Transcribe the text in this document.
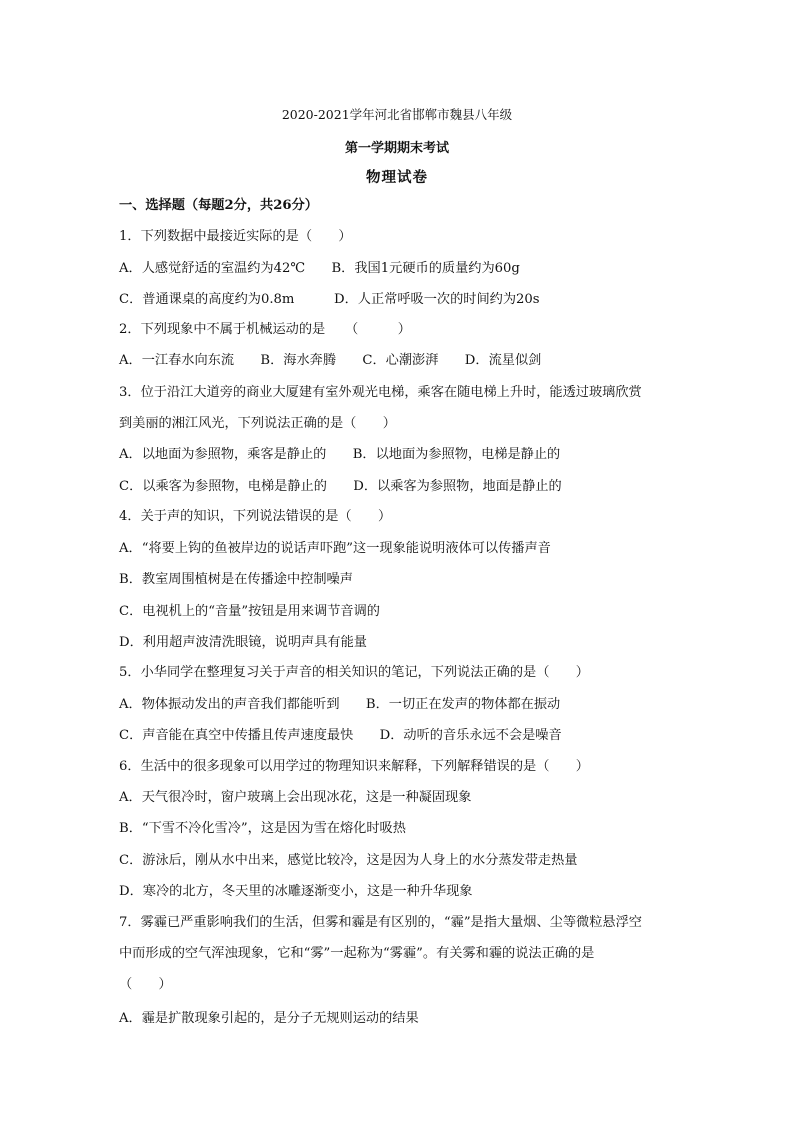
2020-2021学年河北省邯郸市魏县八年级
第一学期期末考试
物理试卷
一、选择题（每题2分，共26分）
1．下列数据中最接近实际的是（　　）
A．人感觉舒适的室温约为42℃　　B．我国1元硬币的质量约为60g
C．普通课桌的高度约为0.8m　　　D．人正常呼吸一次的时间约为20s
2．下列现象中不属于机械运动的是　　（　　　）
A．一江春水向东流　　B．海水奔腾　　C．心潮澎湃　　D．流星似剑
3．位于沿江大道旁的商业大厦建有室外观光电梯，乘客在随电梯上升时，能透过玻璃欣赏
到美丽的湘江风光，下列说法正确的是（　　）
A．以地面为参照物，乘客是静止的　　B．以地面为参照物，电梯是静止的
C．以乘客为参照物，电梯是静止的　　D．以乘客为参照物，地面是静止的
4．关于声的知识，下列说法错误的是（　　）
A．“将要上钩的鱼被岸边的说话声吓跑”这一现象能说明液体可以传播声音
B．教室周围植树是在传播途中控制噪声
C．电视机上的“音量”按钮是用来调节音调的
D．利用超声波清洗眼镜，说明声具有能量
5．小华同学在整理复习关于声音的相关知识的笔记，下列说法正确的是（　　）
A．物体振动发出的声音我们都能听到　　B．一切正在发声的物体都在振动
C．声音能在真空中传播且传声速度最快　　D．动听的音乐永远不会是噪音
6．生活中的很多现象可以用学过的物理知识来解释，下列解释错误的是（　　）
A．天气很冷时，窗户玻璃上会出现冰花，这是一种凝固现象
B．“下雪不冷化雪冷”，这是因为雪在熔化时吸热
C．游泳后，刚从水中出来，感觉比较冷，这是因为人身上的水分蒸发带走热量
D．寒冷的北方，冬天里的冰雕逐渐变小，这是一种升华现象
7．雾霾已严重影响我们的生活，但雾和霾是有区别的，“霾”是指大量烟、尘等微粒悬浮空
中而形成的空气浑浊现象，它和“雾”一起称为“雾霾”。有关雾和霾的说法正确的是
（　　）
A．霾是扩散现象引起的，是分子无规则运动的结果
